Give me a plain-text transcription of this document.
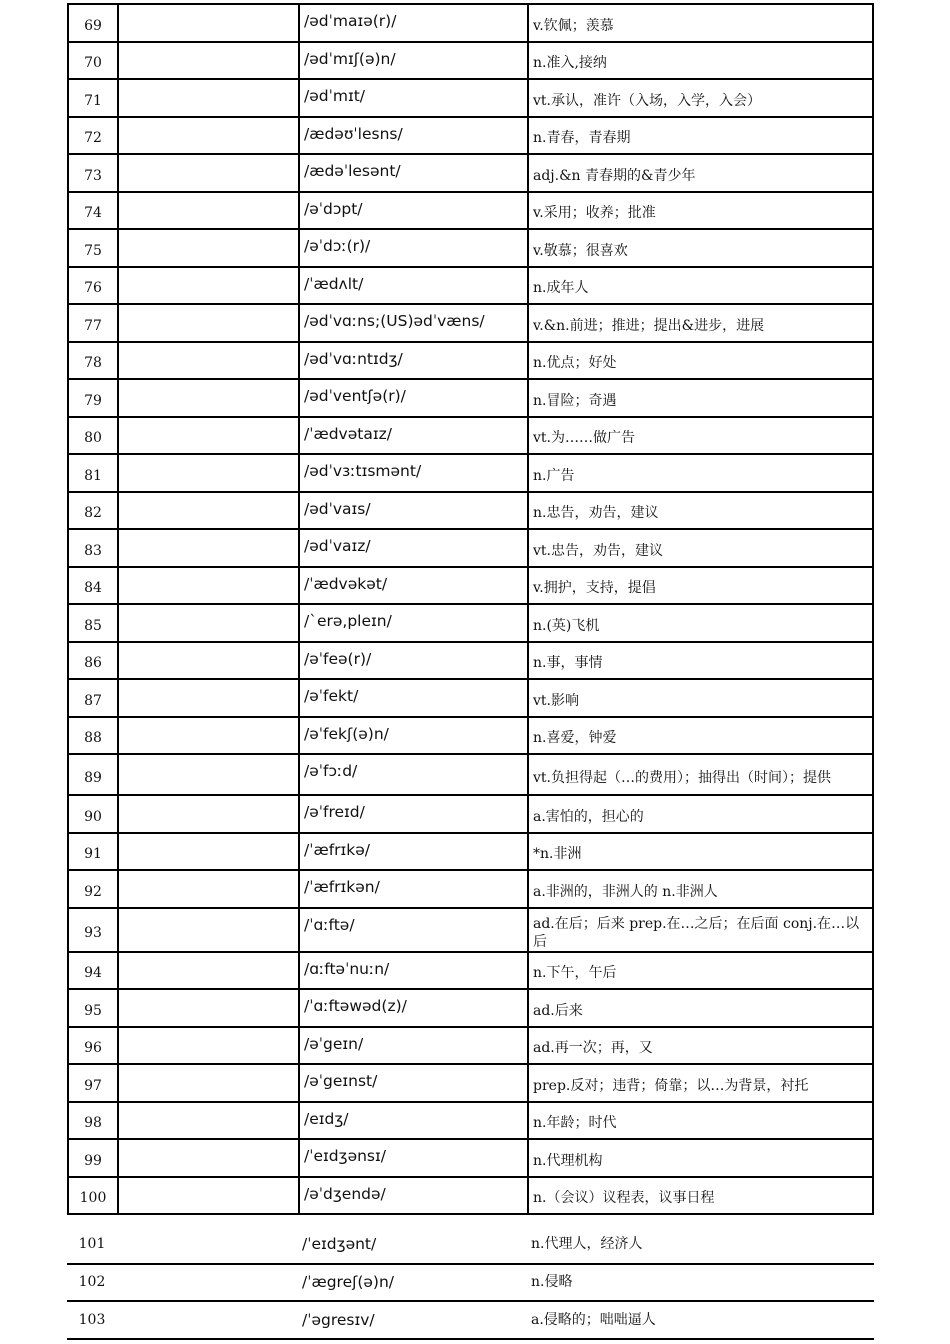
69		/ədˈmaɪə(r)/	v.钦佩；羡慕
70		/ədˈmɪʃ(ə)n/	n.准入,接纳
71		/ədˈmɪt/	vt.承认，准许（入场，入学，入会）
72		/ædəʊˈlesns/	n.青春，青春期
73		/ædəˈlesənt/	adj.&n 青春期的&青少年
74		/əˈdɔpt/	v.采用；收养；批准
75		/əˈdɔː(r)/	v.敬慕；很喜欢
76		/ˈædʌlt/	n.成年人
77		/ədˈvɑːns;(US)ədˈvæns/	v.&n.前进；推进；提出&进步，进展
78		/ədˈvɑːntɪdʒ/	n.优点；好处
79		/ədˈventʃə(r)/	n.冒险；奇遇
80		/ˈædvətaɪz/	vt.为……做广告
81		/ədˈvɜːtɪsmənt/	n.广告
82		/ədˈvaɪs/	n.忠告，劝告，建议
83		/ədˈvaɪz/	vt.忠告，劝告，建议
84		/ˈædvəkət/	v.拥护，支持，提倡
85		/ˋerə,pleɪn/	n.(英)飞机
86		/əˈfeə(r)/	n.事，事情
87		/əˈfekt/	vt.影响
88		/əˈfekʃ(ə)n/	n.喜爱，钟爱
89		/əˈfɔːd/	vt.负担得起（…的费用）；抽得出（时间）；提供
90		/əˈfreɪd/	a.害怕的，担心的
91		/ˈæfrɪkə/	*n.非洲
92		/ˈæfrɪkən/	a.非洲的，非洲人的 n.非洲人
93		/ˈɑːftə/	ad.在后；后来 prep.在…之后；在后面 conj.在…以后
94		/ɑːftəˈnuːn/	n.下午，午后
95		/ˈɑːftəwəd(z)/	ad.后来
96		/əˈgeɪn/	ad.再一次；再，又
97		/əˈgeɪnst/	prep.反对；违背；倚靠；以…为背景，衬托
98		/eɪdʒ/	n.年龄；时代
99		/ˈeɪdʒənsɪ/	n.代理机构
100		/əˈdʒendə/	n.（会议）议程表，议事日程
101		/ˈeɪdʒənt/	n.代理人，经济人
102		/ˈægreʃ(ə)n/	n.侵略
103		/ˈəgresɪv/	a.侵略的；咄咄逼人
